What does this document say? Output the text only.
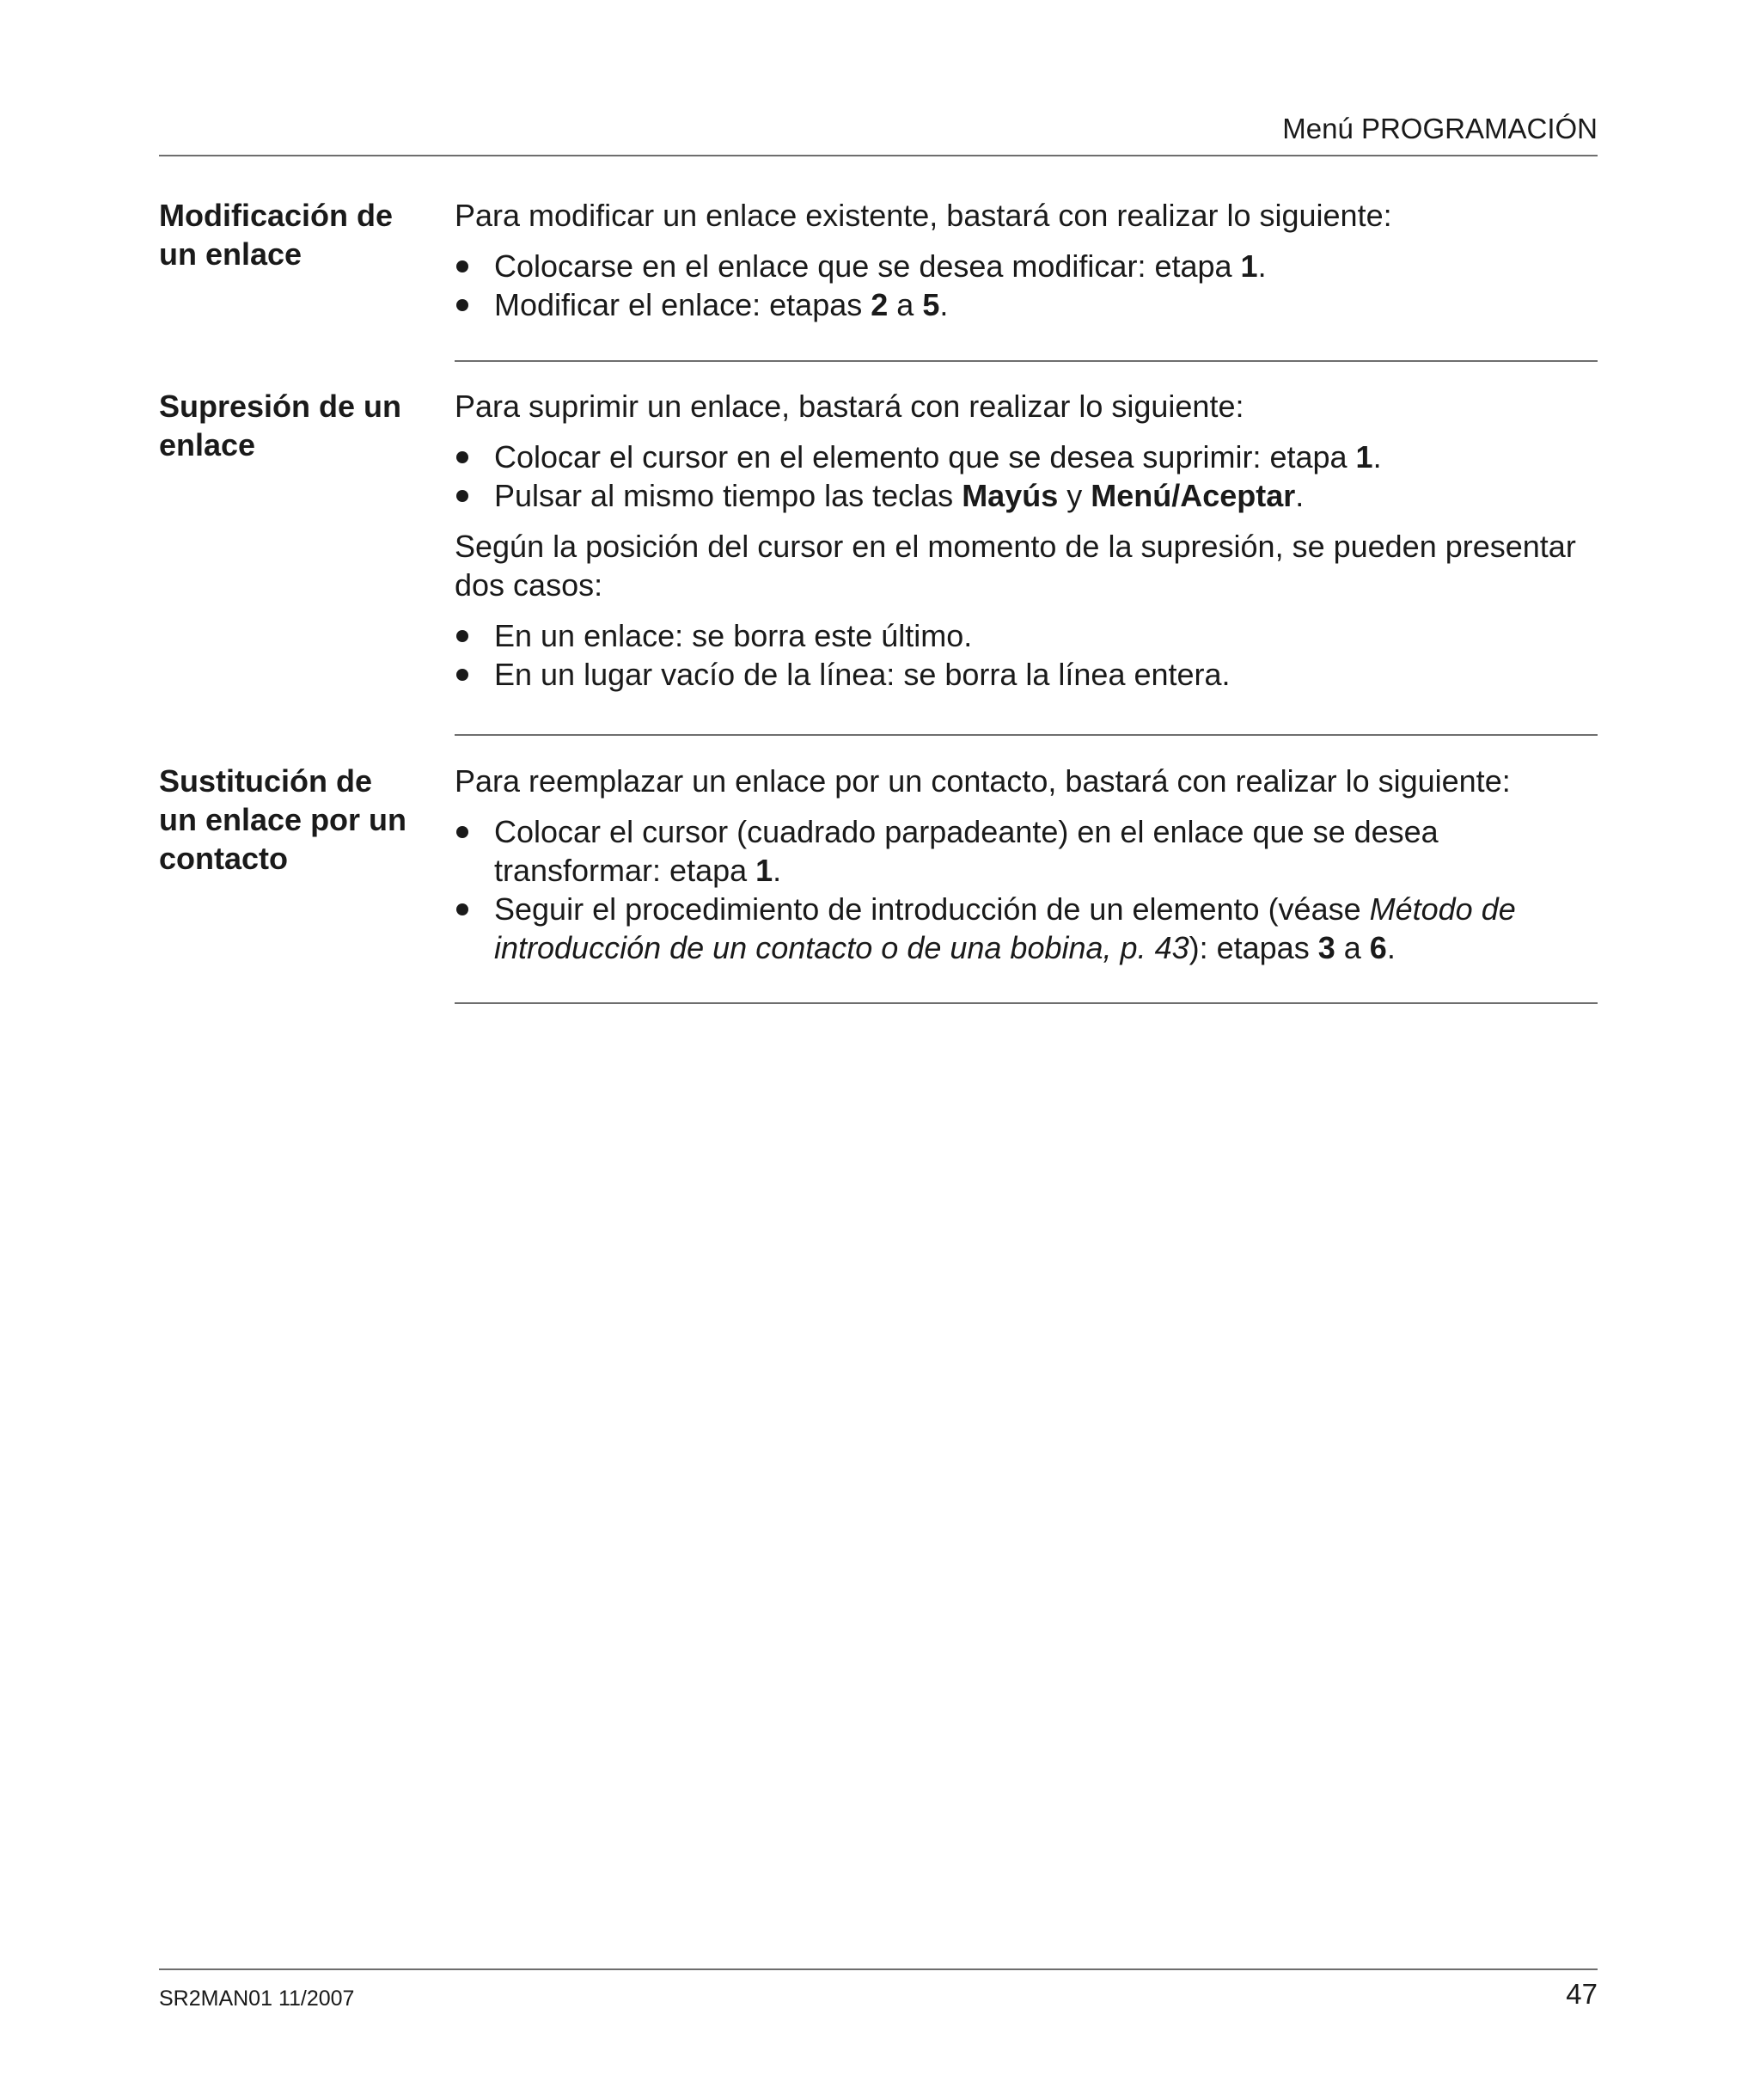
Menú PROGRAMACIÓN
Modificación de
un enlace

Para modificar un enlace existente, bastará con realizar lo siguiente:

Colocarse en el enlace que se desea modificar: etapa 1.
Modificar el enlace: etapas 2 a 5.
Supresión de un
enlace

Para suprimir un enlace, bastará con realizar lo siguiente:

Colocar el cursor en el elemento que se desea suprimir: etapa 1.
Pulsar al mismo tiempo las teclas Mayús y Menú/Aceptar.

Según la posición del cursor en el momento de la supresión, se pueden presentar dos casos:

En un enlace: se borra este último.
En un lugar vacío de la línea: se borra la línea entera.
Sustitución de
un enlace por un
contacto

Para reemplazar un enlace por un contacto, bastará con realizar lo siguiente:

Colocar el cursor (cuadrado parpadeante) en el enlace que se desea transformar: etapa 1.
Seguir el procedimiento de introducción de un elemento (véase Método de introducción de un contacto o de una bobina, p. 43): etapas 3 a 6.
SR2MAN01 11/2007	47
